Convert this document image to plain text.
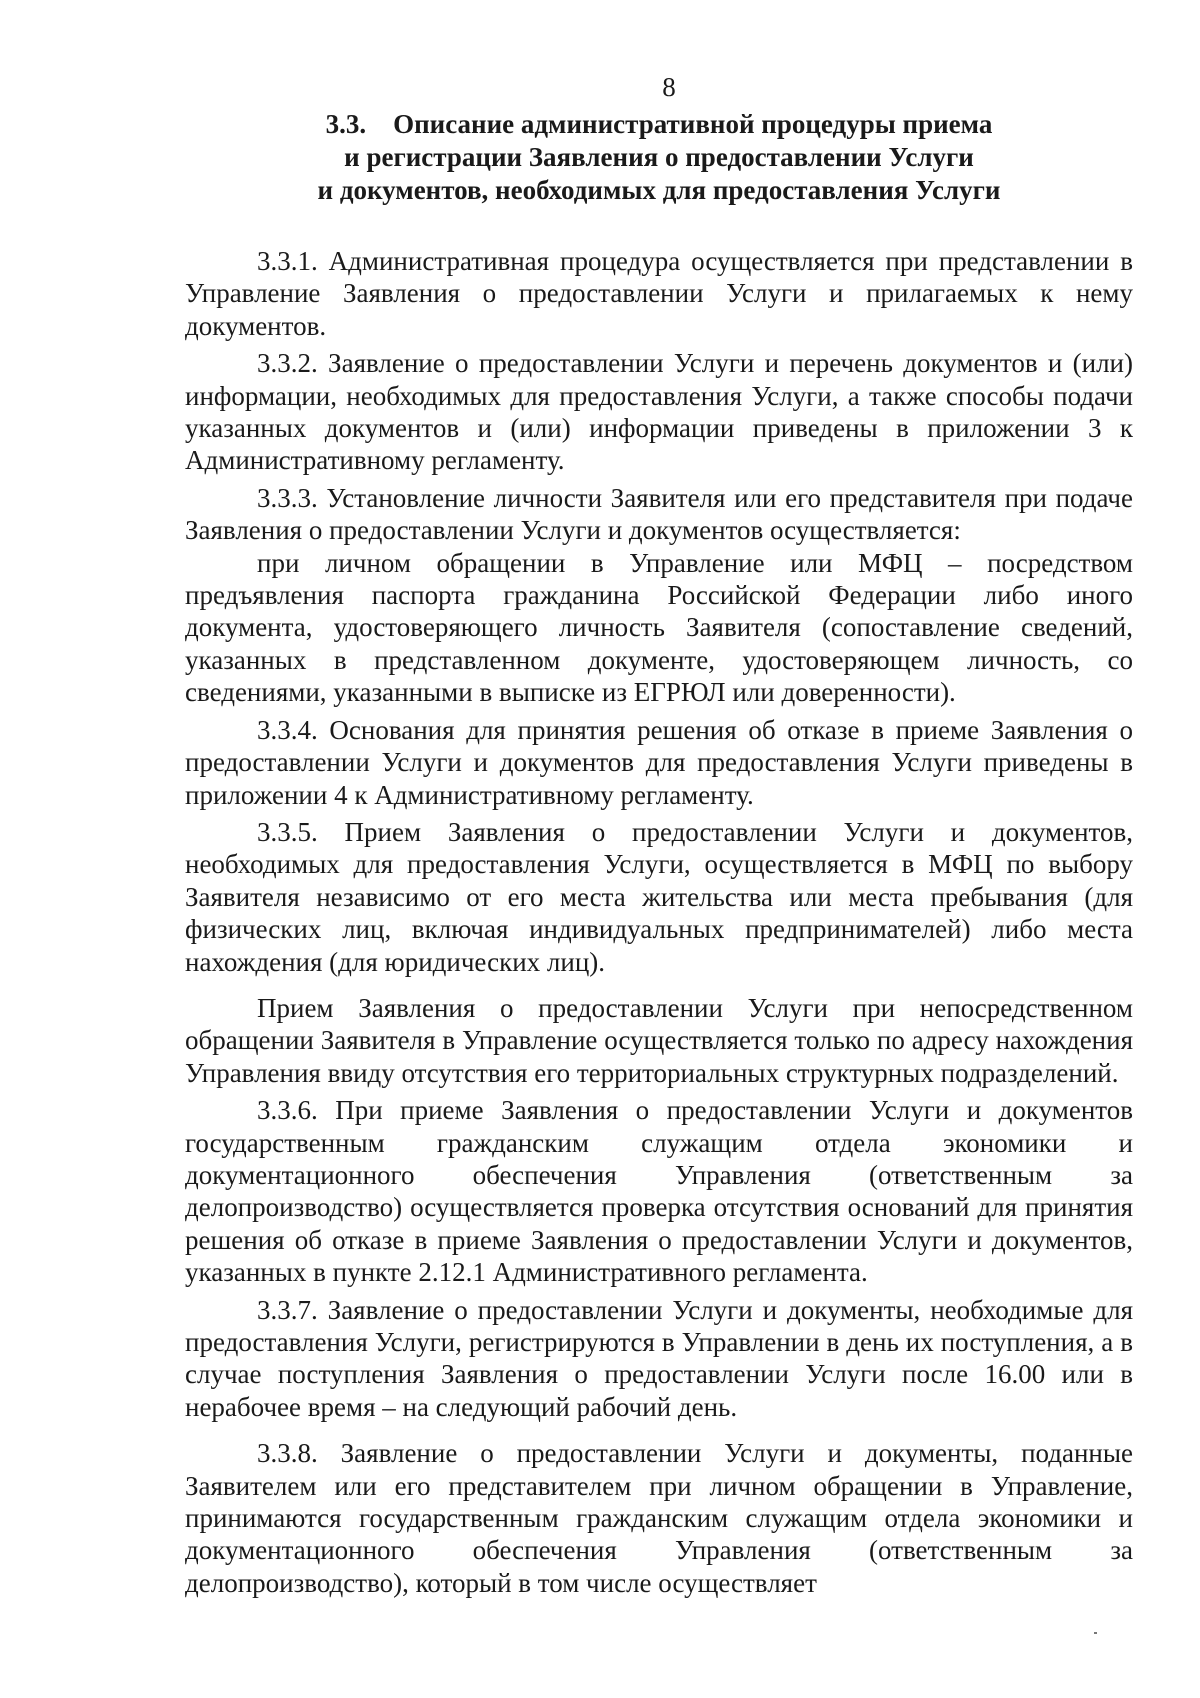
8
3.3. Описание административной процедуры приема
и регистрации Заявления о предоставлении Услуги
и документов, необходимых для предоставления Услуги

3.3.1. Административная процедура осуществляется при представлении в Управление Заявления о предоставлении Услуги и прилагаемых к нему документов.

3.3.2. Заявление о предоставлении Услуги и перечень документов и (или) информации, необходимых для предоставления Услуги, а также способы подачи указанных документов и (или) информации приведены в приложении 3 к Административному регламенту.

3.3.3. Установление личности Заявителя или его представителя при подаче Заявления о предоставлении Услуги и документов осуществляется:

при личном обращении в Управление или МФЦ – посредством предъявления паспорта гражданина Российской Федерации либо иного документа, удостоверяющего личность Заявителя (сопоставление сведений, указанных в представленном документе, удостоверяющем личность, со сведениями, указанными в выписке из ЕГРЮЛ или доверенности).

3.3.4. Основания для принятия решения об отказе в приеме Заявления о предоставлении Услуги и документов для предоставления Услуги приведены в приложении 4 к Административному регламенту.

3.3.5. Прием Заявления о предоставлении Услуги и документов, необходимых для предоставления Услуги, осуществляется в МФЦ по выбору Заявителя независимо от его места жительства или места пребывания (для физических лиц, включая индивидуальных предпринимателей) либо места нахождения (для юридических лиц).

Прием Заявления о предоставлении Услуги при непосредственном обращении Заявителя в Управление осуществляется только по адресу нахождения Управления ввиду отсутствия его территориальных структурных подразделений.

3.3.6. При приеме Заявления о предоставлении Услуги и документов государственным гражданским служащим отдела экономики и документационного обеспечения Управления (ответственным за делопроизводство) осуществляется проверка отсутствия оснований для принятия решения об отказе в приеме Заявления о предоставлении Услуги и документов, указанных в пункте 2.12.1 Административного регламента.

3.3.7. Заявление о предоставлении Услуги и документы, необходимые для предоставления Услуги, регистрируются в Управлении в день их поступления, а в случае поступления Заявления о предоставлении Услуги после 16.00 или в нерабочее время – на следующий рабочий день.

3.3.8. Заявление о предоставлении Услуги и документы, поданные Заявителем или его представителем при личном обращении в Управление, принимаются государственным гражданским служащим отдела экономики и документационного обеспечения Управления (ответственным за делопроизводство), который в том числе осуществляет
